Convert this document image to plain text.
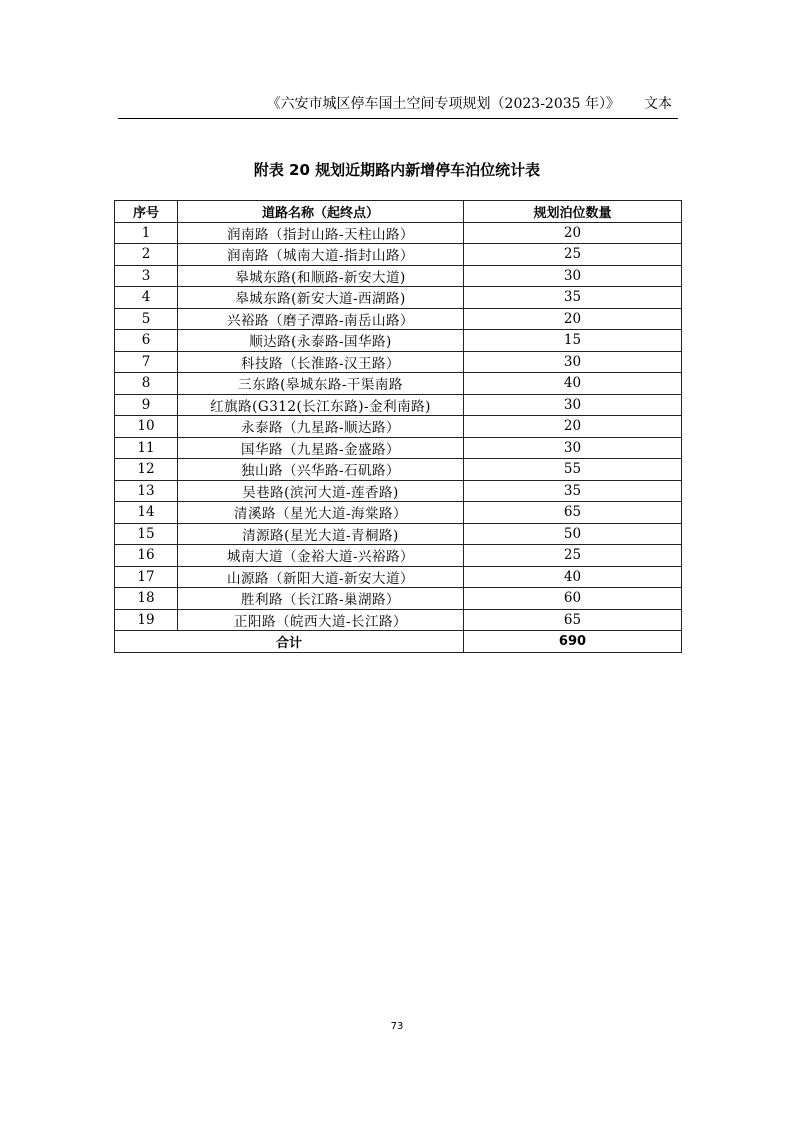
《六安市城区停车国土空间专项规划（2023-2035 年）》 文本
附表 20 规划近期路内新增停车泊位统计表
序号	道路名称（起终点）	规划泊位数量
1	润南路（指封山路-天柱山路）	20
2	润南路（城南大道-指封山路）	25
3	皋城东路(和顺路-新安大道)	30
4	皋城东路(新安大道-西湖路)	35
5	兴裕路（磨子潭路-南岳山路）	20
6	顺达路(永泰路-国华路)	15
7	科技路（长淮路-汉王路）	30
8	三东路(皋城东路-干渠南路	40
9	红旗路(G312(长江东路)-金利南路)	30
10	永泰路（九星路-顺达路）	20
11	国华路（九星路-金盛路）	30
12	独山路（兴华路-石矶路）	55
13	吴巷路(滨河大道-莲香路)	35
14	清溪路（星光大道-海棠路）	65
15	清源路(星光大道-青桐路)	50
16	城南大道（金裕大道-兴裕路）	25
17	山源路（新阳大道-新安大道）	40
18	胜利路（长江路-巢湖路）	60
19	正阳路（皖西大道-长江路）	65
合计		690
73
